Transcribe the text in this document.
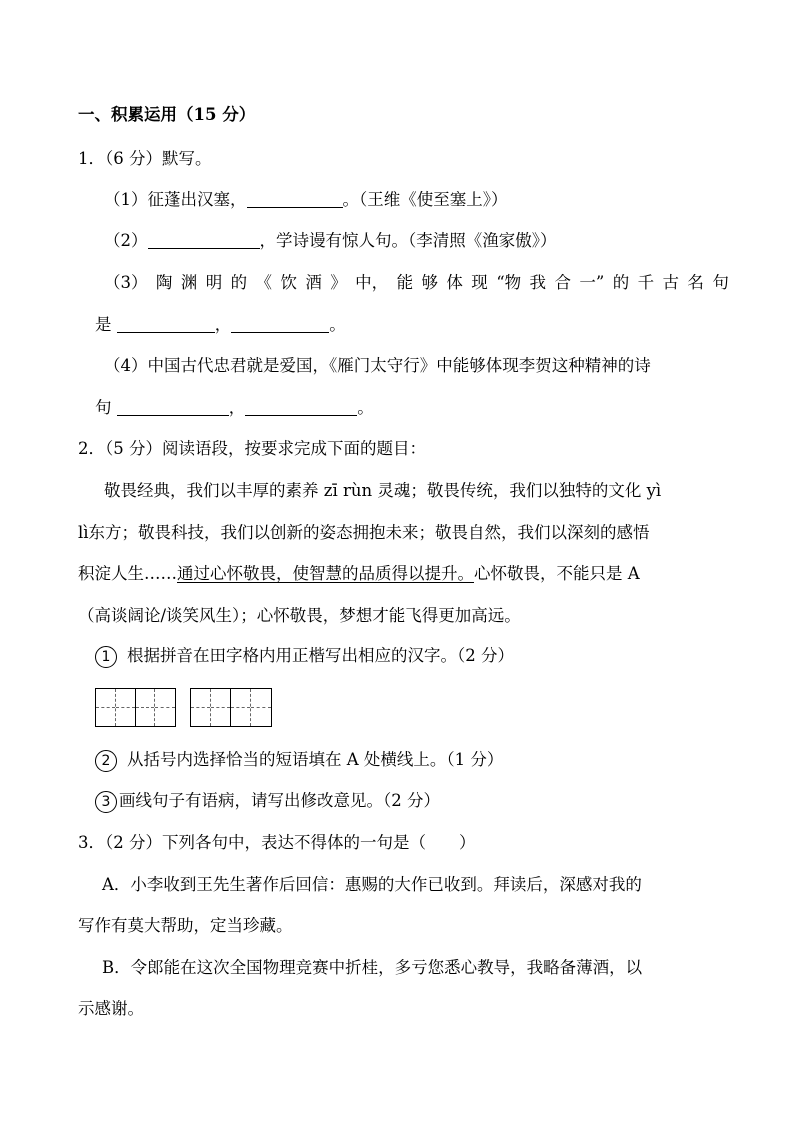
一、积累运用（15 分）
1．（6 分）默写。
（1）征蓬出汉塞，	。（王维《使至塞上》）
（2）	，学诗谩有惊人句。（李清照《渔家傲》）
（3） 陶 渊 明 的 《 饮 酒 》 中， 能 够 体 现 “物 我 合 一” 的 千 古 名 句
是	，	。
（4）中国古代忠君就是爱国，《雁门太守行》中能够体现李贺这种精神的诗
句	，	。
2．（5 分）阅读语段，按要求完成下面的题目：
敬畏经典，我们以丰厚的素养 zī rùn 灵魂；敬畏传统，我们以独特的文化 yì
lì东方；敬畏科技，我们以创新的姿态拥抱未来；敬畏自然，我们以深刻的感悟
积淀人生……通过心怀敬畏，使智慧的品质得以提升。心怀敬畏，不能只是 A
（高谈阔论/谈笑风生）；心怀敬畏，梦想才能飞得更加高远。
1 根据拼音在田字格内用正楷写出相应的汉字。（2 分）
2 从括号内选择恰当的短语填在 A 处横线上。（1 分）
3 画线句子有语病，请写出修改意见。（2 分）
3．（2 分）下列各句中，表达不得体的一句是（　　）
A．小李收到王先生著作后回信：惠赐的大作已收到。拜读后，深感对我的
写作有莫大帮助，定当珍藏。
B．令郎能在这次全国物理竞赛中折桂，多亏您悉心教导，我略备薄酒，以
示感谢。
